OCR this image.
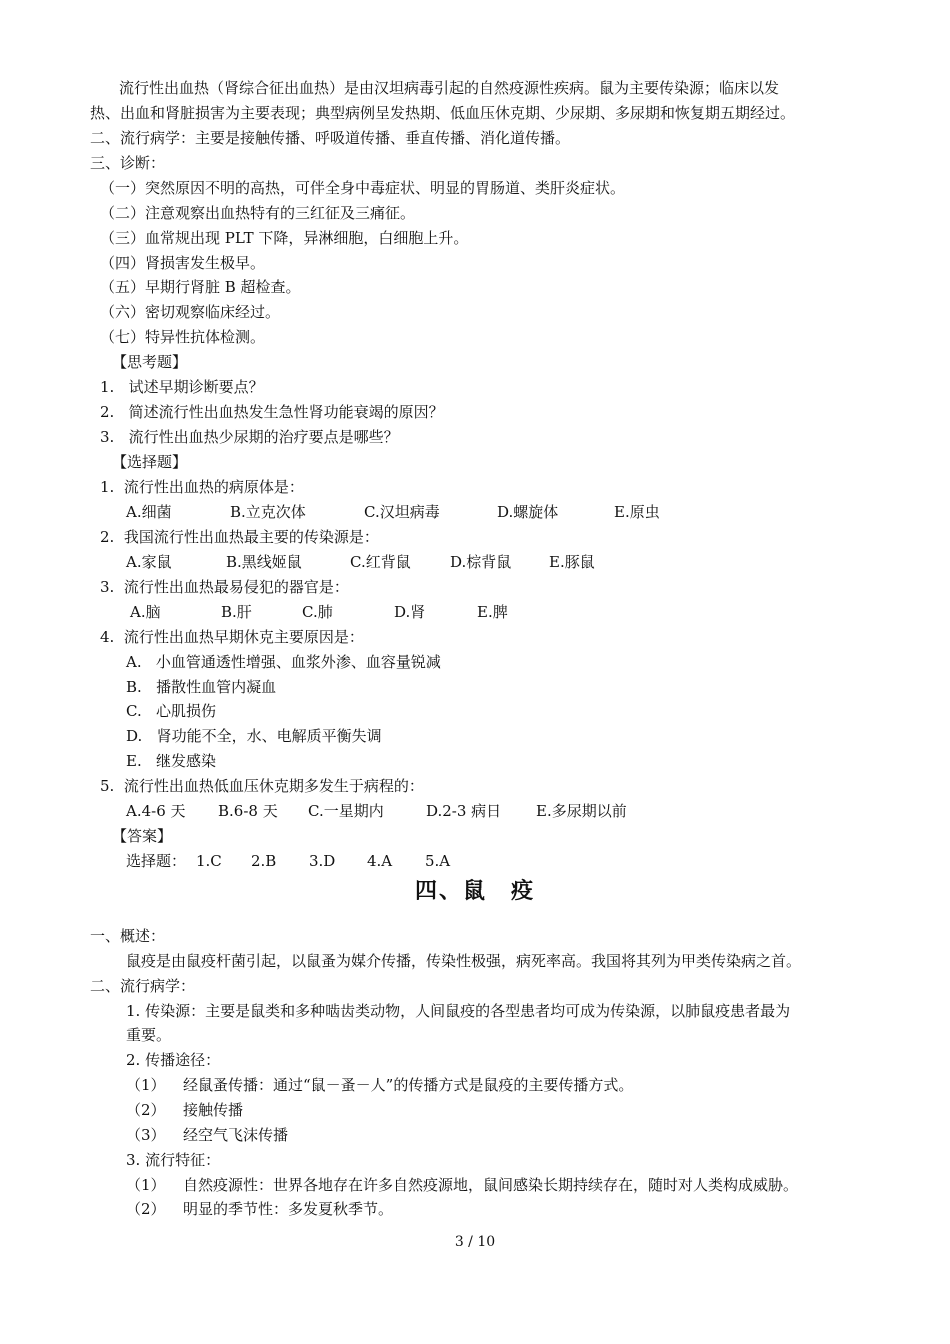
流行性出血热（肾综合征出血热）是由汉坦病毒引起的自然疫源性疾病。鼠为主要传染源；临床以发
热、出血和肾脏损害为主要表现；典型病例呈发热期、低血压休克期、少尿期、多尿期和恢复期五期经过。
二、流行病学：主要是接触传播、呼吸道传播、垂直传播、消化道传播。
三、诊断：
（一）突然原因不明的高热，可伴全身中毒症状、明显的胃肠道、类肝炎症状。
（二）注意观察出血热特有的三红征及三痛征。
（三）血常规出现 PLT 下降，异淋细胞，白细胞上升。
（四）肾损害发生极早。
（五）早期行肾脏 B 超检查。
（六）密切观察临床经过。
（七）特异性抗体检测。
【思考题】
1.   试述早期诊断要点？
2.   简述流行性出血热发生急性肾功能衰竭的原因？
3.   流行性出血热少尿期的治疗要点是哪些？
【选择题】
1.  流行性出血热的病原体是：
A.细菌	B.立克次体	C.汉坦病毒	D.螺旋体	E.原虫
2.  我国流行性出血热最主要的传染源是：
A.家鼠	B.黑线姬鼠	C.红背鼠	D.棕背鼠	E.豚鼠
3.  流行性出血热最易侵犯的器官是：
A.脑	B.肝	C.肺	D.肾	E.脾
4.  流行性出血热早期休克主要原因是：
A.   小血管通透性增强、血浆外渗、血容量锐减
B.   播散性血管内凝血
C.   心肌损伤
D.   肾功能不全，水、电解质平衡失调
E.   继发感染
5.  流行性出血热低血压休克期多发生于病程的：
A.4-6 天 B.6-8 天 C.一星期内	D.2-3 病日 E.多尿期以前
【答案】
选择题： 1.C 2.B 3.D 4.A 5.A
四、鼠　疫
一、概述：
鼠疫是由鼠疫杆菌引起，以鼠蚤为媒介传播，传染性极强，病死率高。我国将其列为甲类传染病之首。
二、流行病学：
1. 传染源：主要是鼠类和多种啮齿类动物，人间鼠疫的各型患者均可成为传染源，以肺鼠疫患者最为
重要。
2. 传播途径：
（1） 经鼠蚤传播：通过“鼠－蚤－人”的传播方式是鼠疫的主要传播方式。
（2） 接触传播
（3） 经空气飞沫传播
3. 流行特征：
（1） 自然疫源性：世界各地存在许多自然疫源地，鼠间感染长期持续存在，随时对人类构成威胁。
（2） 明显的季节性：多发夏秋季节。
3 / 10
